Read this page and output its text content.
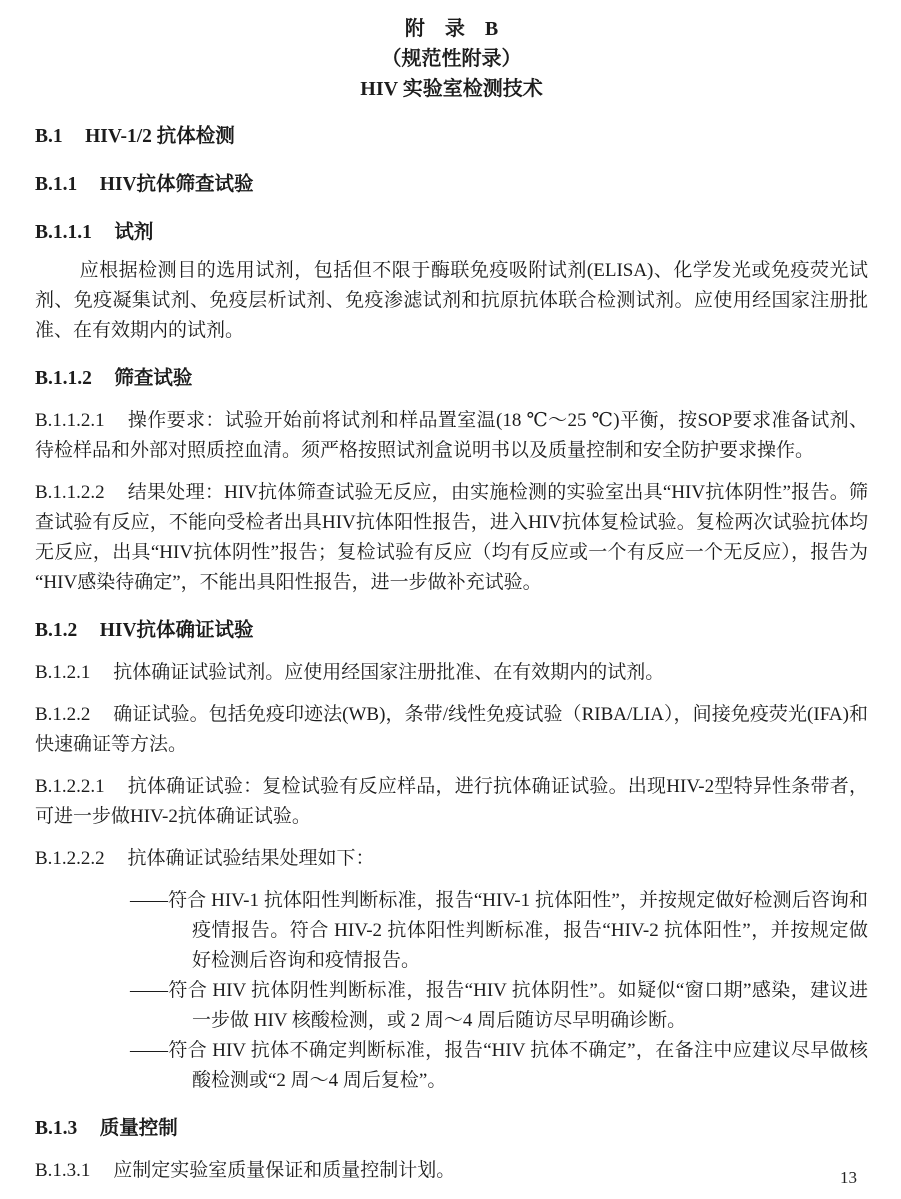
附　录　B

（规范性附录）

HIV 实验室检测技术

B.1 HIV-1/2 抗体检测

B.1.1 HIV抗体筛查试验

B.1.1.1 试剂

应根据检测目的选用试剂，包括但不限于酶联免疫吸附试剂(ELISA)、化学发光或免疫荧光试剂、免疫凝集试剂、免疫层析试剂、免疫渗滤试剂和抗原抗体联合检测试剂。应使用经国家注册批准、在有效期内的试剂。

B.1.1.2 筛查试验

B.1.1.2.1 操作要求：试验开始前将试剂和样品置室温(18 ℃～25 ℃)平衡，按SOP要求准备试剂、待检样品和外部对照质控血清。须严格按照试剂盒说明书以及质量控制和安全防护要求操作。

B.1.1.2.2 结果处理：HIV抗体筛查试验无反应，由实施检测的实验室出具“HIV抗体阴性”报告。筛查试验有反应，不能向受检者出具HIV抗体阳性报告，进入HIV抗体复检试验。复检两次试验抗体均无反应，出具“HIV抗体阴性”报告；复检试验有反应（均有反应或一个有反应一个无反应），报告为“HIV感染待确定”，不能出具阳性报告，进一步做补充试验。

B.1.2 HIV抗体确证试验

B.1.2.1 抗体确证试验试剂。应使用经国家注册批准、在有效期内的试剂。

B.1.2.2 确证试验。包括免疫印迹法(WB)，条带/线性免疫试验（RIBA/LIA），间接免疫荧光(IFA)和快速确证等方法。

B.1.2.2.1 抗体确证试验：复检试验有反应样品，进行抗体确证试验。出现HIV-2型特异性条带者，可进一步做HIV-2抗体确证试验。

B.1.2.2.2 抗体确证试验结果处理如下：

——符合 HIV-1 抗体阳性判断标准，报告“HIV-1 抗体阳性”，并按规定做好检测后咨询和疫情报告。符合 HIV-2 抗体阳性判断标准，报告“HIV-2 抗体阳性”，并按规定做好检测后咨询和疫情报告。

——符合 HIV 抗体阴性判断标准，报告“HIV 抗体阴性”。如疑似“窗口期”感染，建议进一步做 HIV 核酸检测，或 2 周～4 周后随访尽早明确诊断。

——符合 HIV 抗体不确定判断标准，报告“HIV 抗体不确定”，在备注中应建议尽早做核酸检测或“2 周～4 周后复检”。

B.1.3 质量控制

B.1.3.1 应制定实验室质量保证和质量控制计划。	13
